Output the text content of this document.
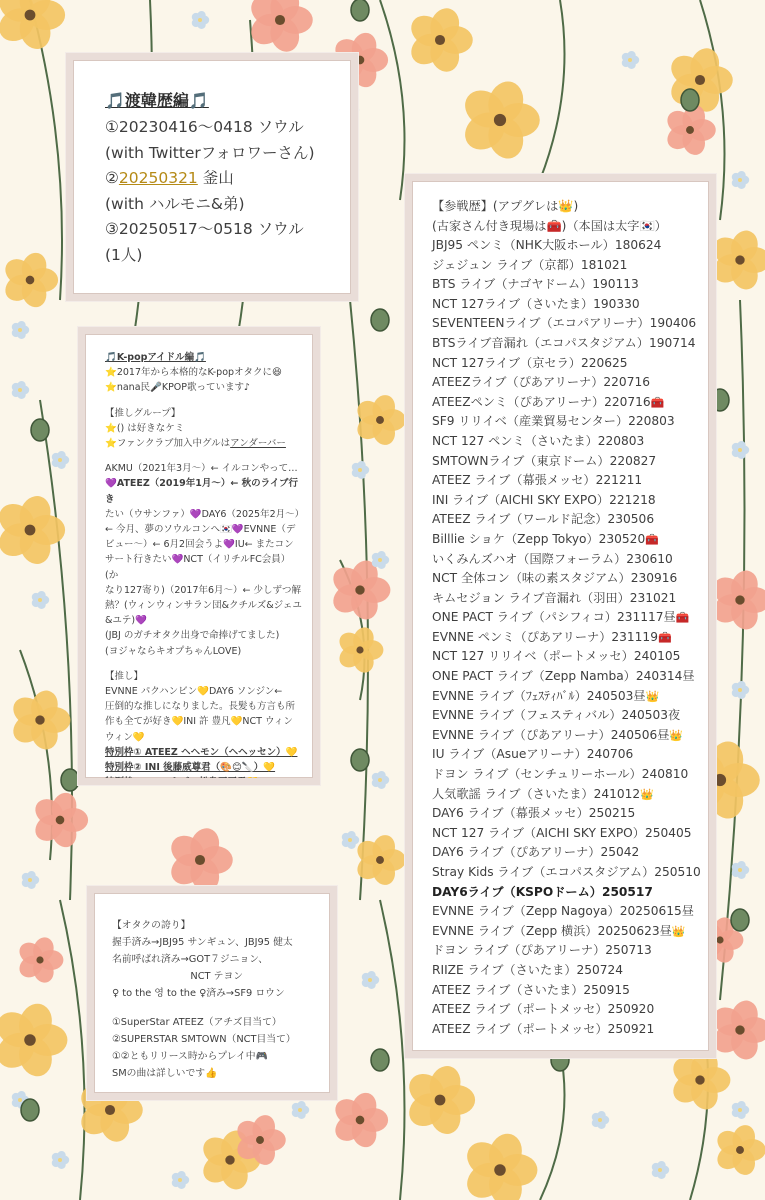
🎵渡韓歴編🎵
①20230416～0418 ソウル
(with Twitterフォロワーさん)
②20250321 釜山
(with ハルモニ&弟)
③20250517～0518 ソウル
(1人)
🎵K-popアイドル編🎵
⭐2017年から本格的なK-popオタクに😆
⭐nana民🎤KPOP歌っています♪
【推しグループ】
⭐() は好きなケミ
⭐ファンクラブ加入中グルはアンダーバー
AKMU（2021年3月〜）← イルコンやって…
💜ATEEZ（2019年1月〜）← 秋のライブ行き
たい（ウサンファ）💜DAY6（2025年2月〜）
← 今月、夢のソウルコンへ🇰🇷💜EVNNE（デ
ビュー〜）← 6月2回会うよ💜IU← またコン
サート行きたい💜NCT（イリチルFC会員）(か
なり127寄り)（2017年6月〜）← 少しずつ解
熱？(ウィンウィンサラン団&クチルズ&ジェユ
&ユテ)💜
(JBJ のガチオタク出身で命捧げてました)
(ヨジャならキオプちゃんLOVE)
【推し】
EVNNE パクハンビン💛DAY6 ソンジン←
圧倒的な推しになりました。長髪も方言も所
作も全てが好き💛INI 許 豊凡💛NCT ウィン
ウィン💛
特別枠① ATEEZ ヘヘモン（ヘヘッセン）💛
特別枠② INI 後藤威尊君（🎨😊🔪）💛
特別枠 ③SMルキズの松島正平君💛
【オタクの誇り】
握手済み→JBJ95 サンギュン、JBJ95 健太
名前呼ばれ済み→GOT７ジニョン、
　　　　　　　　NCT テヨン
♀ to the 영 to the ♀済み→SF9 ロウン
①SuperStar ATEEZ（アチズ目当て）
②SUPERSTAR SMTOWN（NCT目当て）
①②ともリリース時からプレイ中🎮
SMの曲は詳しいです👍
【参戦歴】(アプグレは👑)
(古家さん付き現場は🧰)（本国は太字🇰🇷）
JBJ95 ペンミ（NHK大阪ホール）180624
ジェジュン ライブ（京都）181021
BTS ライブ（ナゴヤドーム）190113
NCT 127ライブ（さいたま）190330
SEVENTEENライブ（エコパアリーナ）190406
BTSライブ音漏れ（エコパスタジアム）190714
NCT 127ライブ（京セラ）220625
ATEEZライブ（ぴあアリーナ）220716
ATEEZペンミ（ぴあアリーナ）220716🧰
SF9 リリイベ（産業貿易センター）220803
NCT 127 ペンミ（さいたま）220803
SMTOWNライブ（東京ドーム）220827
ATEEZ ライブ（幕張メッセ）221211
INI ライブ（AICHI SKY EXPO）221218
ATEEZ ライブ（ワールド記念）230506
Billlie ショケ（Zepp Tokyo）230520🧰
いくみんズハオ（国際フォーラム）230610
NCT 全体コン（味の素スタジアム）230916
キムセジョン ライブ音漏れ（羽田）231021
ONE PACT ライブ（パシフィコ）231117昼🧰
EVNNE ペンミ（ぴあアリーナ）231119🧰
NCT 127 リリイベ（ポートメッセ）240105
ONE PACT ライブ（Zepp Namba）240314昼
EVNNE ライブ（ﾌｪｽﾃｨﾊﾞﾙ）240503昼👑
EVNNE ライブ（フェスティバル）240503夜
EVNNE ライブ（ぴあアリーナ）240506昼👑
IU ライブ（Asueアリーナ）240706
ドヨン ライブ（センチュリーホール）240810
人気歌謡 ライブ（さいたま）241012👑
DAY6 ライブ（幕張メッセ）250215
NCT 127 ライブ（AICHI SKY EXPO）250405
DAY6 ライブ（ぴあアリーナ）25042
Stray Kids ライブ（エコパスタジアム）250510
DAY6ライブ（KSPOドーム）250517
EVNNE ライブ（Zepp Nagoya）20250615昼
EVNNE ライブ（Zepp 横浜）20250623昼👑
ドヨン ライブ（ぴあアリーナ）250713
RIIZE ライブ（さいたま）250724
ATEEZ ライブ（さいたま）250915
ATEEZ ライブ（ポートメッセ）250920
ATEEZ ライブ（ポートメッセ）250921
